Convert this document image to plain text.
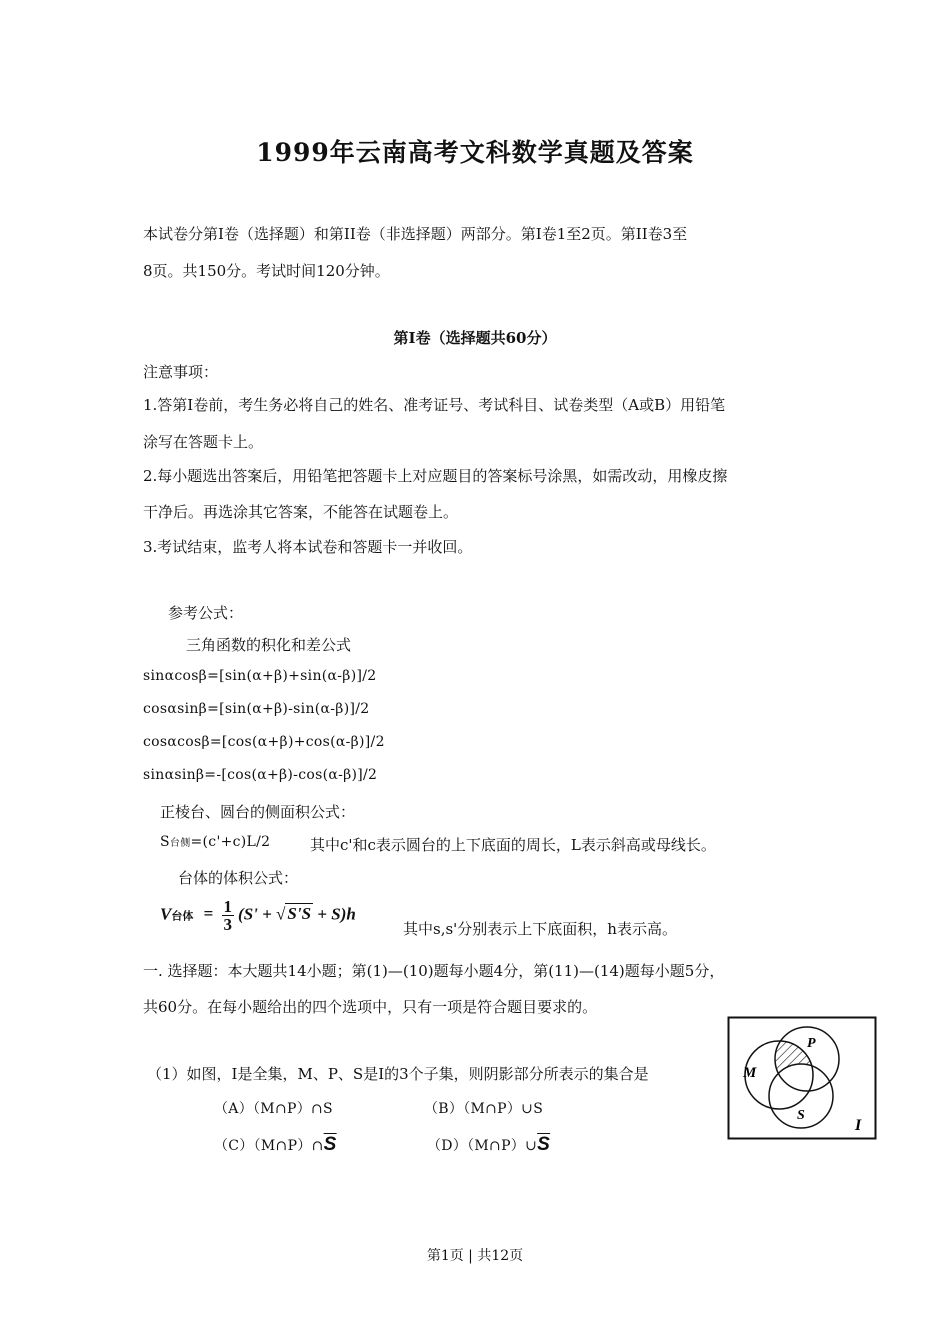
1999年云南高考文科数学真题及答案
本试卷分第Ⅰ卷（选择题）和第II卷（非选择题）两部分。第Ⅰ卷1至2页。第II卷3至
8页。共150分。考试时间120分钟。
第Ⅰ卷（选择题共60分）
注意事项：
1.答第Ⅰ卷前，考生务必将自己的姓名、准考证号、考试科目、试卷类型（A或B）用铅笔
涂写在答题卡上。
2.每小题选出答案后，用铅笔把答题卡上对应题目的答案标号涂黑，如需改动，用橡皮擦
干净后。再选涂其它答案，不能答在试题卷上。
3.考试结束，监考人将本试卷和答题卡一并收回。
参考公式：
三角函数的积化和差公式
sinαcosβ=[sin(α+β)+sin(α-β)]/2
cosαsinβ=[sin(α+β)-sin(α-β)]/2
cosαcosβ=[cos(α+β)+cos(α-β)]/2
sinαsinβ=-[cos(α+β)-cos(α-β)]/2
正棱台、圆台的侧面积公式：
S台侧=(c'+c)L/2	其中c'和c表示圆台的上下底面的周长，L表示斜高或母线长。
台体的体积公式：
V台体 = $\frac{1}{3} (S'$ + √ S'S + S)h
其中s,s'分别表示上下底面积，h表示高。
一. 选择题：本大题共14小题；第(1)—(10)题每小题4分，第(11)—(14)题每小题5分，
共60分。在每小题给出的四个选项中，只有一项是符合题目要求的。
（1）如图，I是全集，M、P、S是I的3个子集，则阴影部分所表示的集合是
（A）（M∩P）∩S	（B）（M∩P）∪S
$(C)(M\cap P)\cap\overline{S}$	$(D)(M\cap P)\cup\overline{S}$
M
P
S
I
第1页 | 共12页
